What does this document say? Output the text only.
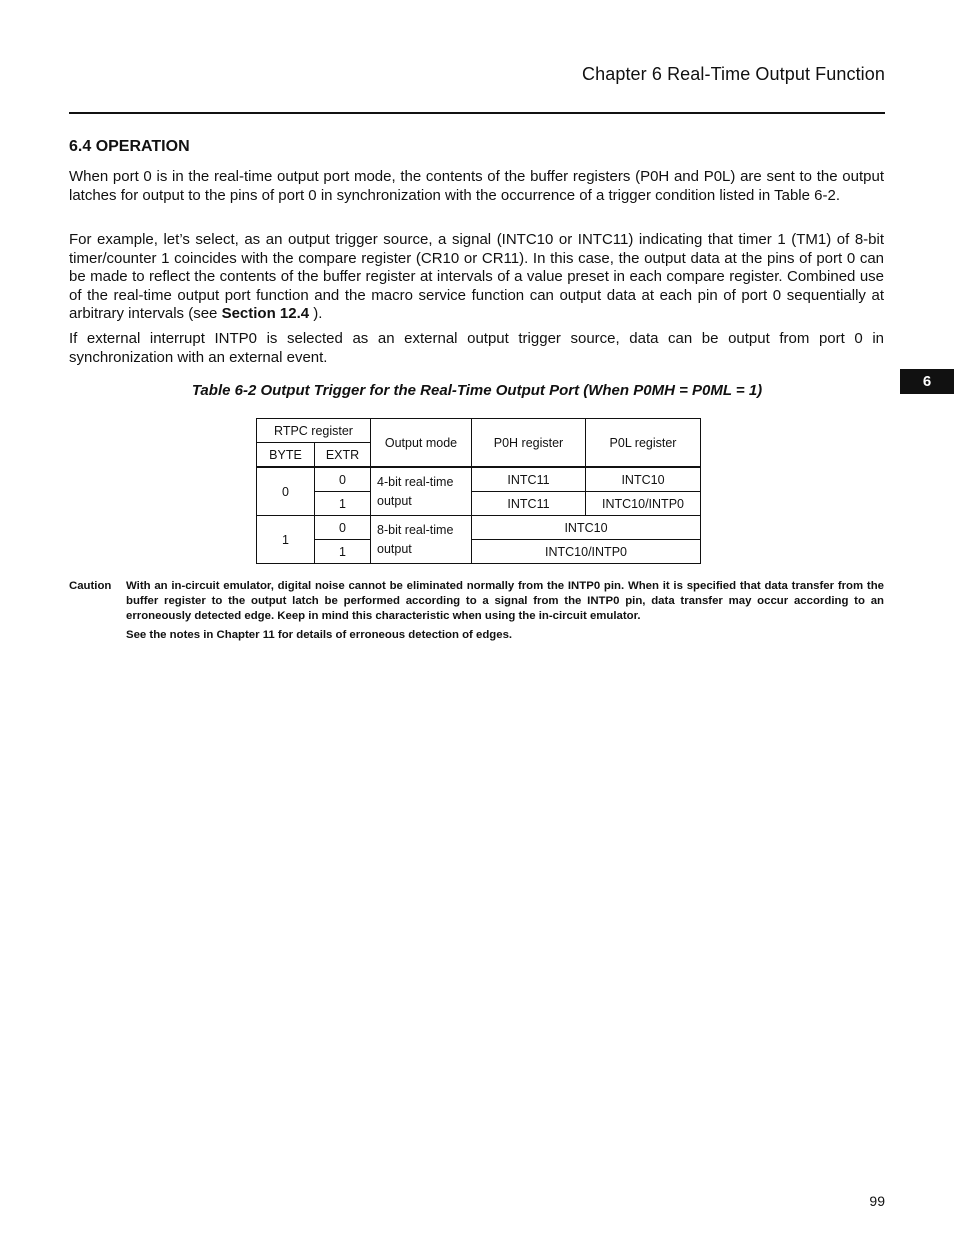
Chapter 6 Real-Time Output Function
6.4 OPERATION
When port 0 is in the real-time output port mode, the contents of the buffer registers (P0H and P0L) are sent to the output latches for output to the pins of port 0 in synchronization with the occurrence of a trigger condition listed in Table 6-2.
For example, let’s select, as an output trigger source, a signal (INTC10 or INTC11) indicating that timer 1 (TM1) of 8-bit timer/counter 1 coincides with the compare register (CR10 or CR11). In this case, the output data at the pins of port 0 can be made to reflect the contents of the buffer register at intervals of a value preset in each compare register. Combined use of the real-time output port function and the macro service function can output data at each pin of port 0 sequentially at arbitrary intervals (see Section 12.4 ).
If external interrupt INTP0 is selected as an external output trigger source, data can be output from port 0 in synchronization with an external event.
6
Table 6-2 Output Trigger for the Real-Time Output Port (When P0MH = P0ML = 1)
RTPC register		Output mode	P0H register	P0L register
BYTE	EXTR			
0	0	4-bit real-time output	INTC11	INTC10
	1		INTC11	INTC10/INTP0
1	0	8-bit real-time output	INTC10	
	1		INTC10/INTP0	
Caution With an in-circuit emulator, digital noise cannot be eliminated normally from the INTP0 pin. When it is specified that data transfer from the buffer register to the output latch be performed according to a signal from the INTP0 pin, data transfer may occur according to an erroneously detected edge. Keep in mind this characteristic when using the in-circuit emulator.

See the notes in Chapter 11 for details of erroneous detection of edges.

99
